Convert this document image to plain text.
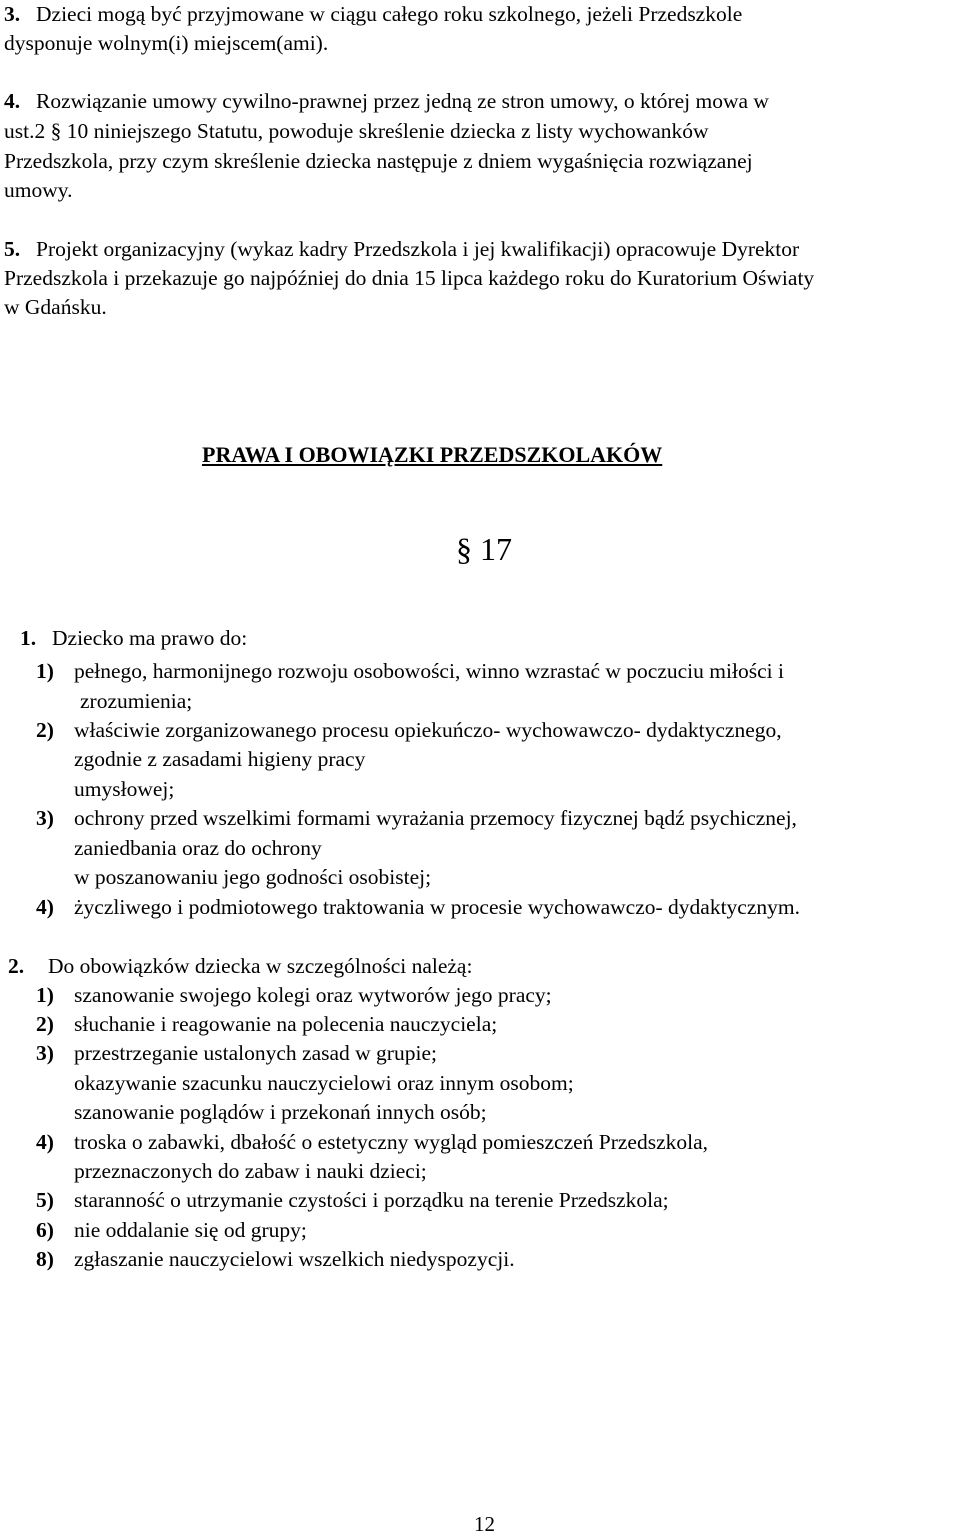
3. Dzieci mogą być przyjmowane w ciągu całego roku szkolnego, jeżeli Przedszkole
dysponuje wolnym(i) miejscem(ami).
4. Rozwiązanie umowy cywilno-prawnej przez jedną ze stron umowy, o której mowa w
ust.2 § 10 niniejszego Statutu, powoduje skreślenie dziecka z listy wychowanków
Przedszkola, przy czym skreślenie dziecka następuje z dniem wygaśnięcia rozwiązanej
umowy.
5. Projekt organizacyjny (wykaz kadry Przedszkola i jej kwalifikacji) opracowuje Dyrektor
Przedszkola i przekazuje go najpóźniej do dnia 15 lipca każdego roku do Kuratorium Oświaty
w Gdańsku.
PRAWA I OBOWIĄZKI PRZEDSZKOLAKÓW
§ 17
1. Dziecko ma prawo do:
1) pełnego, harmonijnego rozwoju osobowości, winno wzrastać w poczuciu miłości i
zrozumienia;
2) właściwie zorganizowanego procesu opiekuńczo- wychowawczo- dydaktycznego,
zgodnie z zasadami higieny pracy
umysłowej;
3) ochrony przed wszelkimi formami wyrażania przemocy fizycznej bądź psychicznej,
zaniedbania oraz do ochrony
w poszanowaniu jego godności osobistej;
4) życzliwego i podmiotowego traktowania w procesie wychowawczo- dydaktycznym.
2. Do obowiązków dziecka w szczególności należą:
1) szanowanie swojego kolegi oraz wytworów jego pracy;
2) słuchanie i reagowanie na polecenia nauczyciela;
3) przestrzeganie ustalonych zasad w grupie;
okazywanie szacunku nauczycielowi oraz innym osobom;
szanowanie poglądów i przekonań innych osób;
4) troska o zabawki, dbałość o estetyczny wygląd pomieszczeń Przedszkola,
przeznaczonych do zabaw i nauki dzieci;
5) staranność o utrzymanie czystości i porządku na terenie Przedszkola;
6) nie oddalanie się od grupy;
8) zgłaszanie nauczycielowi wszelkich niedyspozycji.
12
